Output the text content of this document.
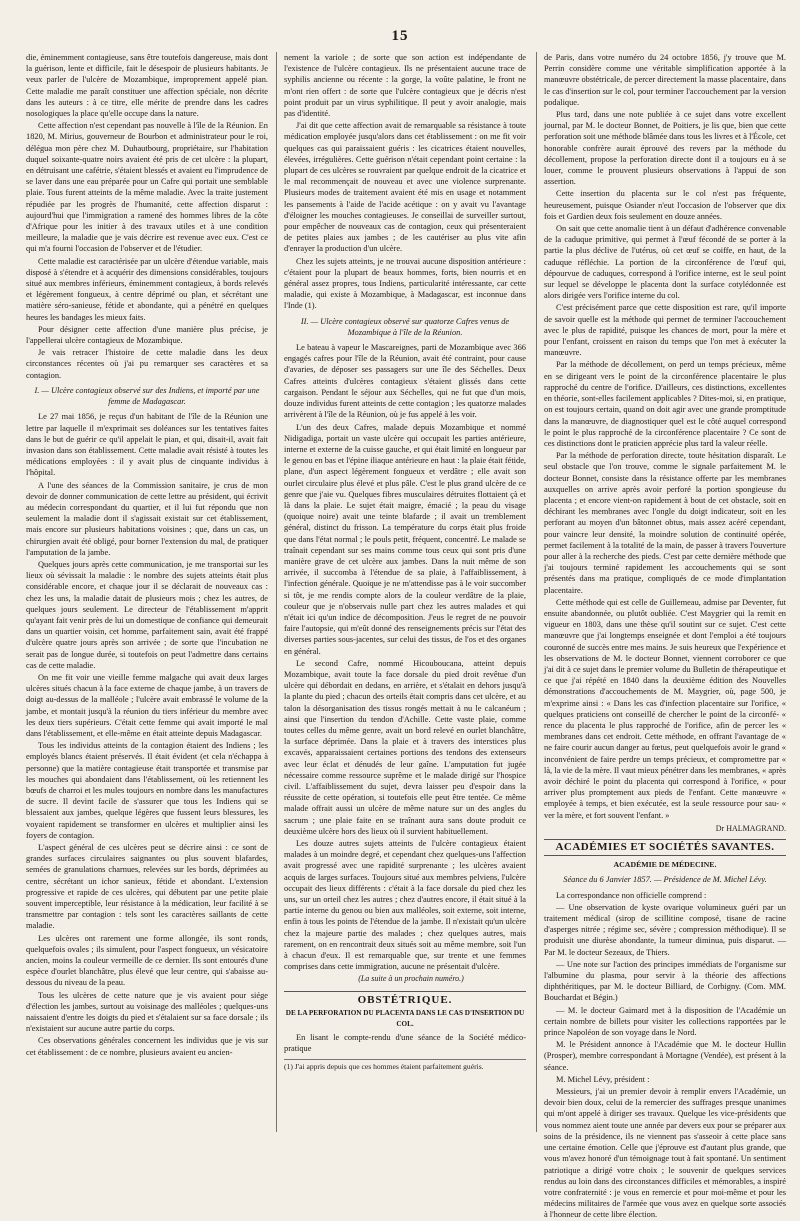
15

die, éminemment contagieuse, sans être toutefois dangereuse, mais dont la guérison, lente et difficile, fait le désespoir de plusieurs habitants. Je veux parler de l'ulcère de Mozambique, improprement appelé pian. Cette maladie me paraît constituer une affection spéciale, non décrite dans les auteurs : à ce titre, elle mérite de prendre dans les cadres nosologiques la place qu'elle occupe dans la nature.

Cette affection n'est cependant pas nouvelle à l'île de la Réunion. En 1820, M. Mirius, gouverneur de Bourbon et administrateur pour le roi, délégua mon père chez M. Duhautbourg, propriétaire, sur l'habitation duquel soixante-quatre noirs avaient été pris de cet ulcère : la plupart, en détruisant une cafétrie, s'étaient blessés et avaient eu l'imprudence de se laver dans une eau préparée pour un Cafre qui portait une semblable plaie. Tous furent atteints de la même maladie. Avec la traite justement répudiée par les progrès de l'humanité, cette affection disparut : aujourd'hui que l'immigration a ramené des hommes libres de la côte d'Afrique pour les initier à des travaux utiles et à une condition meilleure, la maladie que je vais décrire est revenue avec eux. C'est ce qui m'a fourni l'occasion de l'observer et de l'étudier.

Cette maladie est caractérisée par un ulcère d'étendue variable, mais disposé à s'étendre et à acquérir des dimensions considérables, toujours situé aux membres inférieurs, éminemment contagieux, à bords relevés et légèrement fongueux, à centre déprimé ou plan, et sécrétant une matière séro-sanieuse, fétide et abondante, qui a pénétré en quelques heures les bandages les mieux faits.

Pour désigner cette affection d'une manière plus précise, je l'appellerai ulcère contagieux de Mozambique.

Je vais retracer l'histoire de cette maladie dans les deux circonstances récentes où j'ai pu remarquer ses caractères et sa contagion.

I. — Ulcère contagieux observé sur des Indiens, et importé par une femme de Madagascar.

Le 27 mai 1856, je reçus d'un habitant de l'île de la Réunion une lettre par laquelle il m'exprimait ses doléances sur les tentatives faites dans le but de guérir ce qu'il appelait le pian, et qui, disait-il, avait fait invasion dans son établissement. Cette maladie avait résisté à toutes les médications employées : il y avait plus de cinquante individus à l'hôpital.

A l'une des séances de la Commission sanitaire, je crus de mon devoir de donner communication de cette lettre au président, qui écrivit au médecin correspondant du quartier, et il lui fut répondu que non seulement la maladie dont il s'agissait existait sur cet établissement, mais encore sur plusieurs habitations voisines ; que, dans un cas, un chirurgien avait été obligé, pour borner l'extension du mal, de pratiquer l'amputation de la jambe.

Quelques jours après cette communication, je me transportai sur les lieux où sévissait la maladie : le nombre des sujets atteints était plus considérable encore, et chaque jour il se déclarait de nouveaux cas : chez les uns, la maladie datait de plusieurs mois ; chez les autres, de quelques jours seulement. Le directeur de l'établissement m'apprit qu'ayant fait venir près de lui un domestique de confiance qui demeurait dans un quartier voisin, cet homme, parfaitement sain, avait été frappé d'ulcère quatre jours après son arrivée ; de sorte que l'incubation ne serait pas de longue durée, si toutefois on peut l'admettre dans certains cas de cette maladie.

On me fit voir une vieille femme malgache qui avait deux larges ulcères situés chacun à la face externe de chaque jambe, à un travers de doigt au-dessus de la malléole ; l'ulcère avait embrassé le volume de la jambe, et montait jusqu'à la réunion du tiers inférieur du membre avec les deux tiers supérieurs. C'était cette femme qui avait importé le mal dans l'établissement, et elle-même en était atteinte depuis Madagascar.

Tous les individus atteints de la contagion étaient des Indiens ; les employés blancs étaient préservés. Il était évident (et cela n'échappa à personne) que la matière contagieuse était transportée et transmise par les mouches qui abondaient dans l'établissement, où les retiennent les bœufs de charroi et les mules toujours en nombre dans les manufactures de sucre. Il devint facile de s'assurer que tous les Indiens qui se blessaient aux jambes, quelque légères que fussent leurs blessures, les voyaient rapidement se transformer en ulcères et multiplier ainsi les foyers de contagion.

L'aspect général de ces ulcères peut se décrire ainsi : ce sont de grandes surfaces circulaires saignantes ou plus souvent blafardes, semées de granulations charnues, relevées sur les bords, déprimées au centre, sécrétant un ichor sanieux, fétide et abondant. L'extension progressive et rapide de ces ulcères, qui débutent par une petite plaie souvent imperceptible, leur résistance à la médication, leur facilité à se transmettre par contagion : tels sont les caractères saillants de cette maladie.

Les ulcères ont rarement une forme allongée, ils sont ronds, quelquefois ovales ; ils simulent, pour l'aspect fongueux, un vésicatoire ancien, moins la couleur vermeille de ce dernier. Ils sont entourés d'une espèce d'ourlet blanchâtre, plus élevé que leur centre, qui s'abaisse au-dessous du niveau de la peau.

Tous les ulcères de cette nature que je vis avaient pour siége d'élection les jambes, surtout au voisinage des malléoles ; quelques-uns naissaient d'entre les doigts du pied et s'étalaient sur sa face dorsale ; ils n'existaient sur aucune autre partie du corps.

Ces observations générales concernent les individus que je vis sur cet établissement : de ce nombre, plusieurs avaient eu ancien-

nement la variole ; de sorte que son action est indépendante de l'existence de l'ulcère contagieux. Ils ne présentaient aucune trace de syphilis ancienne ou récente : la gorge, la voûte palatine, le front ne m'ont rien offert : de sorte que l'ulcère contagieux que je décris n'est point produit par un virus syphilitique. Il peut y avoir analogie, mais pas d'identité.

J'ai dit que cette affection avait de remarquable sa résistance à toute médication employée jusqu'alors dans cet établissement : on me fit voir quelques cas qui paraissaient guéris : les cicatrices étaient nouvelles, élevées, irrégulières. Cette guérison n'était cependant point certaine : la plupart de ces ulcères se rouvraient par quelque endroit de la cicatrice et le mal recommençait de nouveau et avec une violence surprenante. Plusieurs modes de traitement avaient été mis en usage et notamment les pansements à l'aide de l'acide acétique : on y avait vu l'avantage d'éloigner les mouches contagieuses. Je conseillai de surveiller surtout, pour empêcher de nouveaux cas de contagion, ceux qui présenteraient de petites plaies aux jambes ; de les cautériser au plus vite afin d'enrayer la production d'un ulcère.

Chez les sujets atteints, je ne trouvai aucune disposition antérieure : c'étaient pour la plupart de beaux hommes, forts, bien nourris et en général assez propres, tous Indiens, particularité intéressante, car cette maladie, qui existe à Mozambique, à Madagascar, est inconnue dans l'Inde (1).

II. — Ulcère contagieux observé sur quatorze Cafres venus de Mozambique à l'île de la Réunion.

Le bateau à vapeur le Mascareignes, parti de Mozambique avec 366 engagés cafres pour l'île de la Réunion, avait été contraint, pour cause d'avaries, de déposer ses passagers sur une île des Séchelles. Deux Cafres atteints d'ulcères contagieux s'étaient glissés dans cette cargaison. Pendant le séjour aux Séchelles, qui ne fut que d'un mois, douze individus furent atteints de cette contagion ; les quatorze malades arrivèrent à l'île de la Réunion, où je fus appelé à les voir.

L'un des deux Cafres, malade depuis Mozambique et nommé Nidigadiga, portait un vaste ulcère qui occupait les parties antérieure, interne et externe de la cuisse gauche, et qui était limité en longueur par le genou en bas et l'épine iliaque antérieure en haut : la plaie était fétide, plane, d'un aspect légèrement fongueux et verdâtre ; elle avait son ourlet circulaire plus élevé et plus pâle. C'est le plus grand ulcère de ce genre que j'aie vu. Quelques fibres musculaires détruites flottaient çà et là dans la plaie. Le sujet était maigre, émacié ; la peau du visage (quoique noire) avait une teinte blafarde ; il avait un tremblement général, distinct du frisson. La température du corps était plus froide que dans l'état normal ; le pouls petit, fréquent, concentré. Le malade se traînait cependant sur ses mains comme tous ceux qui sont pris d'une manière grave de cet ulcère aux jambes. Dans la nuit même de son arrivée, il succomba à l'étendue de sa plaie, à l'affaiblissement, à l'infection générale. Quoique je ne m'attendisse pas à le voir succomber si tôt, je me rendis compte alors de la couleur verdâtre de la plaie, couleur que je n'observais nulle part chez les autres malades et qui n'était ici qu'un indice de décomposition. J'eus le regret de ne pouvoir faire l'autopsie, qui m'eût donné des renseignements précis sur l'état des diverses parties sous-jacentes, sur celui des tissus, de l'os et des organes en général.

Le second Cafre, nommé Hicouboucana, atteint depuis Mozambique, avait toute la face dorsale du pied droit revêtue d'un ulcère qui débordait en dedans, en arrière, et s'étalait en dehors jusqu'à la plante du pied ; chacun des orteils était compris dans cet ulcère, et au talon la désorganisation des tissus rongés mettait à nu le calcanéum ; ainsi que l'insertion du tendon d'Achille. Cette vaste plaie, comme toutes celles du même genre, avait un bord relevé en ourlet blanchâtre, la surface déprimée. Dans la plaie et à travers des interstices plus excavés, apparaissaient certaines portions des tendons des extenseurs avec leur éclat et dénudés de leur gaîne. L'amputation fut jugée nécessaire comme ressource suprême et le malade dirigé sur l'hospice civil. L'affaiblissement du sujet, devra laisser peu d'espoir dans la réussite de cette opération, si toutefois elle peut être tentée. Ce même malade offrait aussi un ulcère de même nature sur un des angles du sacrum ; une plaie faite en se traînant aura sans doute produit ce deuxième ulcère hors des lieux où il survient habituellement.

Les douze autres sujets atteints de l'ulcère contagieux étaient malades à un moindre degré, et cependant chez quelques-uns l'affection avait progressé avec une rapidité surprenante ; les ulcères avaient acquis de larges surfaces. Toujours situé aux membres pelviens, l'ulcère occupait des lieux différents : c'était à la face dorsale du pied chez les uns, sur un orteil chez les autres ; chez d'autres encore, il était situé à la partie interne du genou ou bien aux malléoles, soit externe, soit interne, enfin à tous les points de l'étendue de la jambe. Il n'existait qu'un ulcère chez la majeure partie des malades ; chez quelques autres, mais rarement, on en rencontrait deux situés soit au même membre, soit l'un à chacun d'eux. Il est remarquable que, sur trente et une femmes comprises dans cette immigration, aucune ne présentait d'ulcère.

(La suite à un prochain numéro.)

OBSTÉTRIQUE.
DE LA PERFORATION DU PLACENTA DANS LE CAS D'INSERTION DU COL.

En lisant le compte-rendu d'une séance de la Société médico-pratique

(1) J'ai appris depuis que ces hommes étaient parfaitement guéris.

de Paris, dans votre numéro du 24 octobre 1856, j'y trouve que M. Perrin considère comme une véritable simplification apportée à la manœuvre obstétricale, de percer directement la masse placentaire, dans le cas d'insertion sur le col, pour terminer l'accouchement par la version podalique.

Plus tard, dans une note publiée à ce sujet dans votre excellent journal, par M. le docteur Bonnet, de Poitiers, je lis que, bien que cette perforation soit une méthode blâmée dans tous les livres et à l'École, cet honorable confrère aurait éprouvé des revers par la méthode du décollement, propose la perforation directe dont il a toujours eu à se louer, comme le prouvent plusieurs observations à l'appui de son assertion.

Cette insertion du placenta sur le col n'est pas fréquente, heureusement, puisque Osiander n'eut l'occasion de l'observer que dix fois et Gardien deux fois seulement en douze années.

On sait que cette anomalie tient à un défaut d'adhérence convenable de la caduque primitive, qui permet à l'œuf fécondé de se porter à la partie la plus déclive de l'utérus, où cet œuf se coiffe, en haut, de la caduque réfléchie. La portion de la circonférence de l'œuf qui, dépourvue de caduques, correspond à l'orifice interne, est le seul point sur lequel se développe le placenta dont la surface cotylédonnée est alors dirigée vers l'orifice interne du col.

C'est précisément parce que cette disposition est rare, qu'il importe de savoir quelle est la méthode qui permet de terminer l'accouchement avec le plus de rapidité, puisque les chances de mort, pour la mère et pour l'enfant, croissent en raison du temps que l'on met à exécuter la manœuvre.

Par la méthode de décollement, on perd un temps précieux, même en se dirigeant vers le point de la circonférence placentaire le plus rapproché du centre de l'orifice. D'ailleurs, ces distinctions, excellentes en théorie, sont-elles facilement applicables ? Dites-moi, si, en pratique, on est toujours certain, quand on doit agir avec une grande promptitude dans la manœuvre, de diagnostiquer quel est le côté auquel correspond le point le plus rapproché de la circonférence placentaire ? Ce sont de ces distinctions dont le praticien apprécie plus tard la valeur réelle.

Par la méthode de perforation directe, toute hésitation disparaît. Le seul obstacle que l'on trouve, comme le signale parfaitement M. le docteur Bonnet, consiste dans la résistance offerte par les membranes auxquelles on arrive après avoir perforé la portion spongieuse du placenta ; et encore vient-on rapidement à bout de cet obstacle, soit en déchirant les membranes avec l'ongle du doigt indicateur, soit en les perforant au moyen d'un bâtonnet obtus, mais assez acéré cependant, pour vaincre leur densité, la moindre solution de continuité opérée, permet facilement à la totalité de la main, de passer à travers l'ouverture pour aller à la recherche des pieds. C'est par cette dernière méthode que j'ai toujours terminé rapidement les accouchements qui se sont présentés dans ma pratique, compliqués de ce mode d'implantation placentaire.

Cette méthode qui est celle de Guillemeau, admise par Deventer, fut ensuite abandonnée, ou plutôt oubliée. C'est Maygrier qui la remit en vigueur en 1803, dans une thèse qu'il soutint sur ce sujet. C'est cette manœuvre que j'ai longtemps enseignée et dont l'emploi a été toujours couronné de succès entre mes mains. Je suis heureux que l'expérience et les observations de M. le docteur Bonnet, viennent corroborer ce que j'ai dit à ce sujet dans le premier volume du Bulletin de thérapeutique et ce que j'ai répété en 1840 dans la deuxième édition des Nouvelles démonstrations d'accouchements de M. Maygrier, où, page 500, je m'exprime ainsi : « Dans les cas d'infection placentaire sur l'orifice, « quelques praticiens ont conseillé de chercher le point de la circonfé- « rence du placenta le plus rapproché de l'orifice, afin de percer les « membranes dans cet endroit. Cette méthode, en offrant l'avantage de « ne faire courir aucun danger au fœtus, peut quelquefois avoir le grand « inconvénient de faire perdre un temps précieux, et compromettre par « là, la vie de la mère. Il vaut mieux pénétrer dans les membranes, « après avoir déchiré le point du placenta qui correspond à l'orifice, « pour arriver plus promptement aux pieds de l'enfant. Cette manœuvre « employée à temps, et bien exécutée, est la seule ressource pour sau- « ver la mère, et fort souvent l'enfant. »

Dr HALMAGRAND.

ACADÉMIES ET SOCIÉTÉS SAVANTES.
ACADÉMIE DE MÉDECINE.

Séance du 6 Janvier 1857. — Présidence de M. Michel Lévy.

La correspondance non officielle comprend :

— Une observation de kyste ovarique volumineux guéri par un traitement médical (sirop de scillitine composé, tisane de racine d'asperges nitrée ; régime sec, sévère ; compression méthodique). Il se produisit une diurèse abondante, la tumeur diminua, puis disparut. — Par M. le docteur Sezeaux, de Thiers.

— Une note sur l'action des principes immédiats de l'organisme sur l'albumine du plasma, pour servir à la théorie des affections diphthéritiques, par M. le docteur Billiard, de Corbigny. (Com. MM. Bouchardat et Bégin.)

— M. le docteur Gaimard met à la disposition de l'Académie un certain nombre de billets pour visiter les collections rapportées par le prince Napoléon de son voyage dans le Nord.

M. le Président annonce à l'Académie que M. le docteur Hullin (Prosper), membre correspondant à Mortagne (Vendée), est présent à la séance.

M. Michel Lévy, président :

Messieurs, j'ai un premier devoir à remplir envers l'Académie, un devoir bien doux, celui de la remercier des suffrages presque unanimes qui m'ont appelé à diriger ses travaux. Quelque les vice-présidents que vous nommez aient toute une année par devers eux pour se préparer aux soins de la présidence, ils ne viennent pas s'asseoir à cette place sans une certaine émotion. Celle que j'éprouve est d'autant plus grande, que vous m'avez honoré d'un témoignage tout à fait spontané. Un sentiment patriotique a dirigé votre choix ; le souvenir de quelques services rendus au loin dans des circonstances difficiles et mémorables, a inspiré votre confraternité : je vous en remercie et pour moi-même et pour les médecins militaires de l'armée que vous avez en quelque sorte associés à l'honneur de cette libre élection.
